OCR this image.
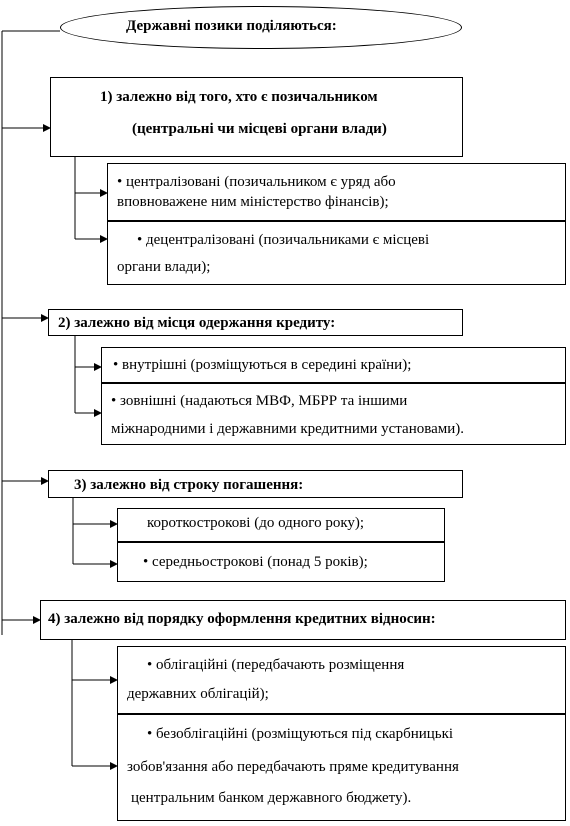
Державні позики поділяються:
1) залежно від того, хто є позичальником
(центральні чи місцеві органи влади)
• централізовані (позичальником є уряд або
вповноважене ним міністерство фінансів);
• децентралізовані (позичальниками є місцеві
органи влади);
2) залежно від місця одержання кредиту:
• внутрішні (розміщуються в середині країни);
• зовнішні (надаються МВФ, МБРР та іншими
міжнародними і державними кредитними установами).
3) залежно від строку погашення:
короткострокові (до одного року);
• середньострокові (понад 5 років);
4) залежно від порядку оформлення кредитних відносин:
• облігаційні (передбачають розміщення
державних облігацій);
• безоблігаційні (розміщуються під скарбницькі
зобов'язання або передбачають пряме кредитування
центральним банком державного бюджету).
